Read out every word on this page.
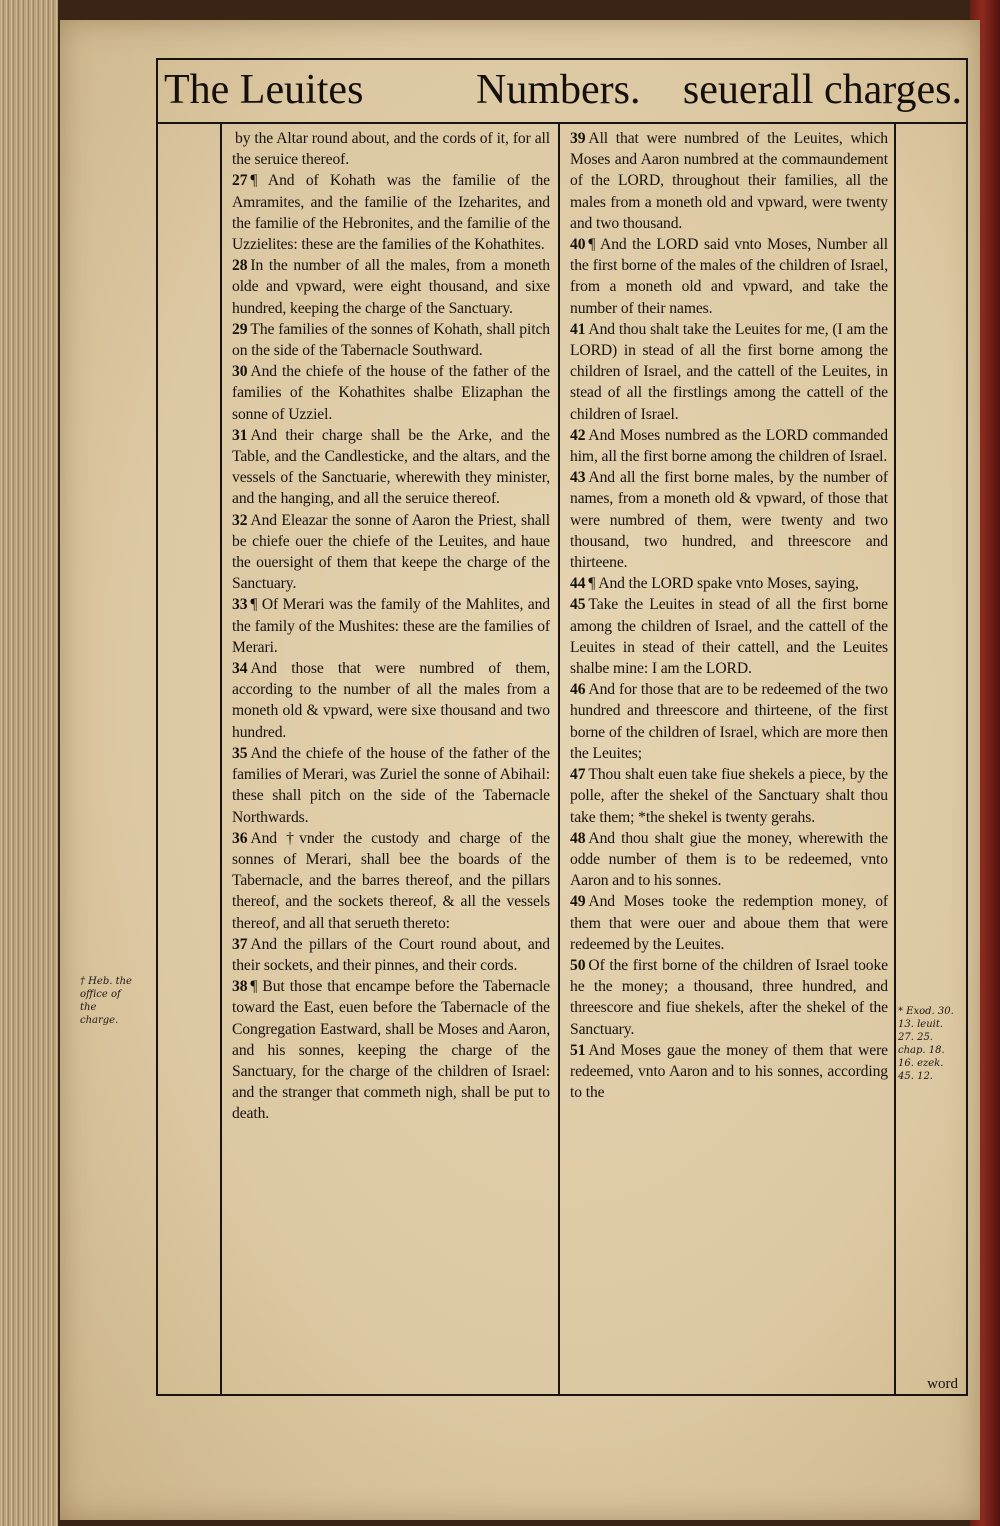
The Leuites	Numbers. seuerall charges.

by the Altar round about, and the cords of it, for all the seruice thereof.

27 ¶ And of Kohath was the familie of the Amramites, and the familie of the Izeharites, and the familie of the Hebronites, and the familie of the Uzzielites: these are the families of the Kohathites.

28 In the number of all the males, from a moneth olde and vpward, were eight thousand, and sixe hundred, keeping the charge of the Sanctuary.

29 The families of the sonnes of Kohath, shall pitch on the side of the Tabernacle Southward.

30 And the chiefe of the house of the father of the families of the Kohathites shalbe Elizaphan the sonne of Uzziel.

31 And their charge shall be the Arke, and the Table, and the Candlesticke, and the altars, and the vessels of the Sanctuarie, wherewith they minister, and the hanging, and all the seruice thereof.

32 And Eleazar the sonne of Aaron the Priest, shall be chiefe ouer the chiefe of the Leuites, and haue the ouersight of them that keepe the charge of the Sanctuary.

33 ¶ Of Merari was the family of the Mahlites, and the family of the Mushites: these are the families of Merari.

34 And those that were numbred of them, according to the number of all the males from a moneth old & vpward, were sixe thousand and two hundred.

35 And the chiefe of the house of the father of the families of Merari, was Zuriel the sonne of Abihail: these shall pitch on the side of the Tabernacle Northwards.

36 And †vnder the custody and charge of the sonnes of Merari, shall bee the boards of the Tabernacle, and the barres thereof, and the pillars thereof, and the sockets thereof, & all the vessels thereof, and all that serueth thereto:

37 And the pillars of the Court round about, and their sockets, and their pinnes, and their cords.

38 ¶ But those that encampe before the Tabernacle toward the East, euen before the Tabernacle of the Congregation Eastward, shall be Moses and Aaron, and his sonnes, keeping the charge of the Sanctuary, for the charge of the children of Israel: and the stranger that commeth nigh, shall be put to death.

39 All that were numbred of the Leuites, which Moses and Aaron numbred at the commaundement of the LORD, throughout their families, all the males from a moneth old and vpward, were twenty and two thousand.

40 ¶ And the LORD said vnto Moses, Number all the first borne of the males of the children of Israel, from a moneth old and vpward, and take the number of their names.

41 And thou shalt take the Leuites for me, (I am the LORD) in stead of all the first borne among the children of Israel, and the cattell of the Leuites, in stead of all the firstlings among the cattell of the children of Israel.

42 And Moses numbred as the LORD commanded him, all the first borne among the children of Israel.

43 And all the first borne males, by the number of names, from a moneth old & vpward, of those that were numbred of them, were twenty and two thousand, two hundred, and threescore and thirteene.

44 ¶ And the LORD spake vnto Moses, saying,

45 Take the Leuites in stead of all the first borne among the children of Israel, and the cattell of the Leuites in stead of their cattell, and the Leuites shalbe mine: I am the LORD.

46 And for those that are to be redeemed of the two hundred and threescore and thirteene, of the first borne of the children of Israel, which are more then the Leuites;

47 Thou shalt euen take fiue shekels a piece, by the polle, after the shekel of the Sanctuary shalt thou take them; *the shekel is twenty gerahs.

48 And thou shalt giue the money, wherewith the odde number of them is to be redeemed, vnto Aaron and to his sonnes.

49 And Moses tooke the redemption money, of them that were ouer and aboue them that were redeemed by the Leuites.

50 Of the first borne of the children of Israel tooke he the money; a thousand, three hundred, and threescore and fiue shekels, after the shekel of the Sanctuary.

51 And Moses gaue the money of them that were redeemed, vnto Aaron and to his sonnes, according to the

word
† Heb. the office of the charge.
* Exod. 30. 13. leuit. 27. 25. chap. 18. 16. ezek. 45. 12.
